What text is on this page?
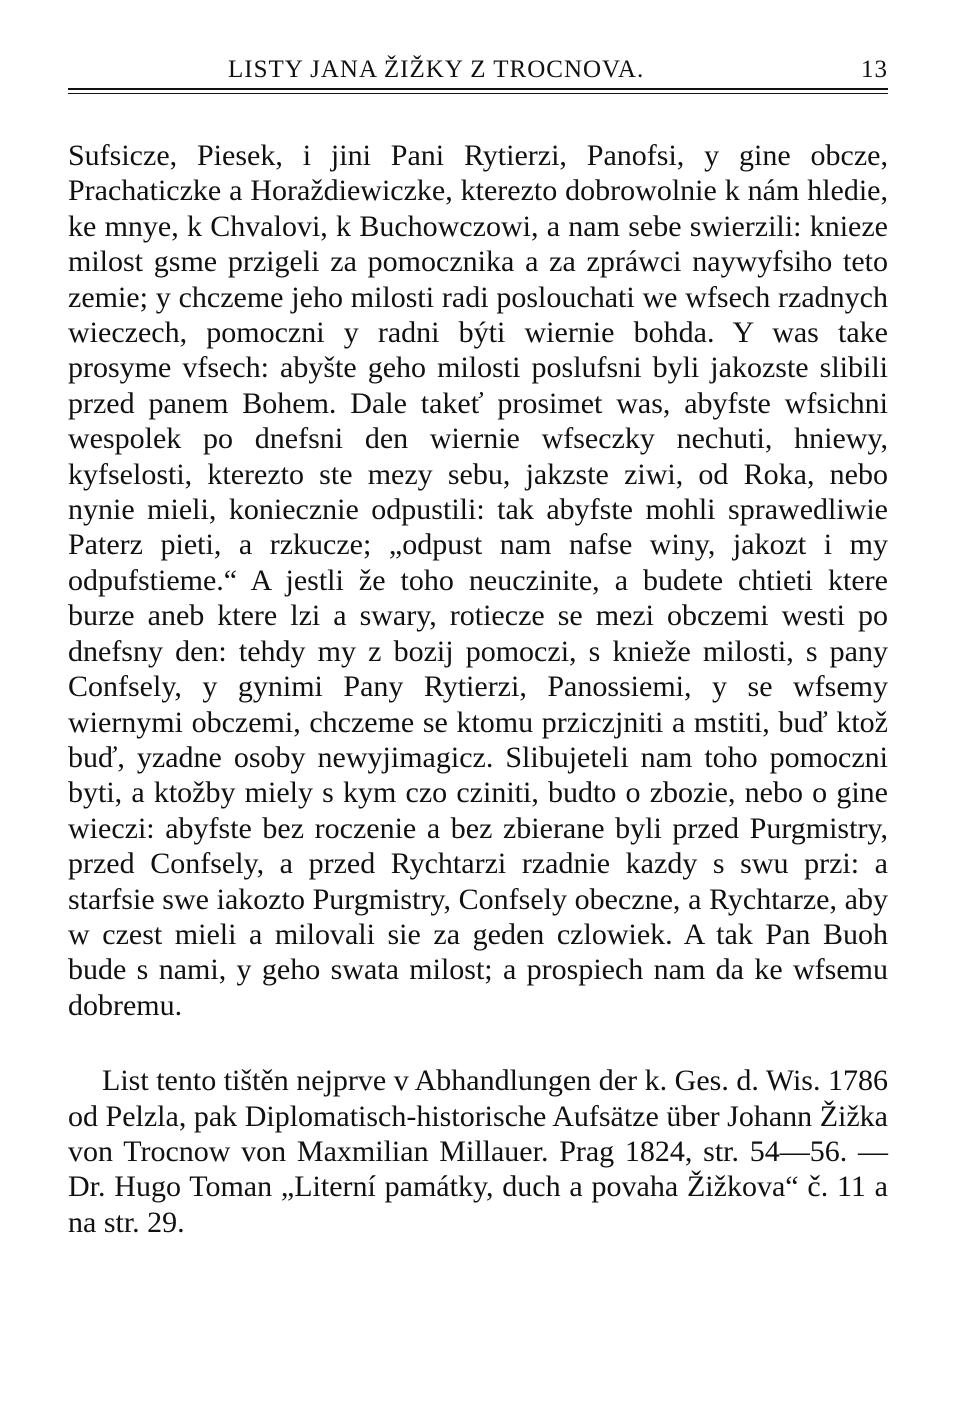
LISTY JANA ŽIŽKY Z TROCNOVA.	13

Sufsicze, Piesek, i jini Pani Rytierzi, Panofsi, y gine obcze, Prachaticzke a Horaždiewiczke, kterezto dobrowolnie k nám hledie, ke mnye, k Chvalovi, k Buchowczowi, a nam sebe swierzili: knieze milost gsme przigeli za pomocznika a za zpráwci naywyfsiho teto zemie; y chczeme jeho milosti radi poslouchati we wfsech rzadnych wieczech, pomoczni y radni býti wiernie bohda. Y was take prosyme vfsech: abyšte geho milosti poslufsni byli jakozste slibili przed panem Bohem. Dale takeť prosimet was, abyfste wfsichni wespolek po dnefsni den wiernie wfseczky nechuti, hniewy, kyfselosti, kterezto ste mezy sebu, jakzste ziwi, od Roka, nebo nynie mieli, koniecznie odpustili: tak abyfste mohli sprawedliwie Paterz pieti, a rzkucze; „odpust nam nafse winy, jakozt i my odpufstieme.“ A jestli že toho neuczinite, a budete chtieti ktere burze aneb ktere lzi a swary, rotiecze se mezi obczemi westi po dnefsny den: tehdy my z bozij pomoczi, s knieže milosti, s pany Confsely, y gynimi Pany Rytierzi, Panossiemi, y se wfsemy wiernymi obczemi, chczeme se ktomu prziczjniti a mstiti, buď ktož buď, yzadne osoby newyjimagicz. Slibujeteli nam toho pomoczni byti, a ktožby miely s kym czo cziniti, budto o zbozie, nebo o gine wieczi: abyfste bez roczenie a bez zbierane byli przed Purgmistry, przed Confsely, a przed Rychtarzi rzadnie kazdy s swu przi: a starfsie swe iakozto Purgmistry, Confsely obeczne, a Rychtarze, aby w czest mieli a milovali sie za geden czlowiek. A tak Pan Buoh bude s nami, y geho swata milost; a prospiech nam da ke wfsemu dobremu.

List tento tištěn nejprve v Abhandlungen der k. Ges. d. Wis. 1786 od Pelzla, pak Diplomatisch-historische Aufsätze über Johann Žižka von Trocnow von Maxmilian Millauer. Prag 1824, str. 54—56. — Dr. Hugo Toman „Literní památky, duch a povaha Žižkova“ č. 11 a na str. 29.
